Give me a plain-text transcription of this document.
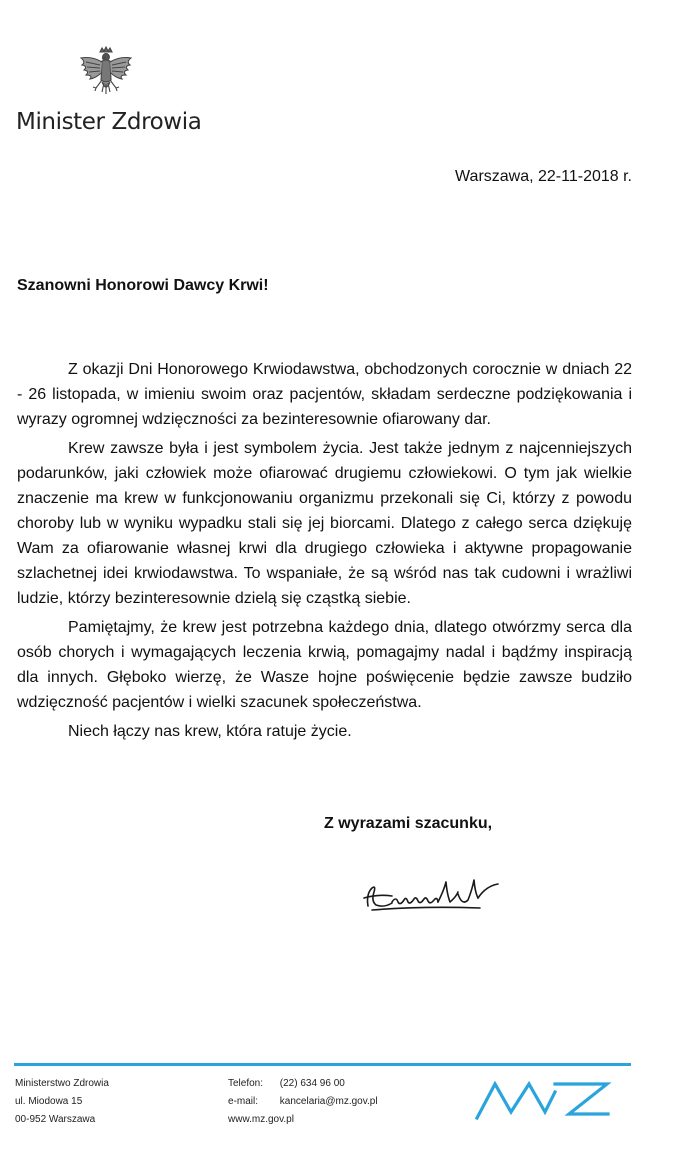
Minister Zdrowia
Warszawa, 22-11-2018 r.
Szanowni Honorowi Dawcy Krwi!

Z okazji Dni Honorowego Krwiodawstwa, obchodzonych corocznie w dniach 22 - 26 listopada, w imieniu swoim oraz pacjentów, składam serdeczne podziękowania i wyrazy ogromnej wdzięczności za bezinteresownie ofiarowany dar.

Krew zawsze była i jest symbolem życia. Jest także jednym z najcenniejszych podarunków, jaki człowiek może ofiarować drugiemu człowiekowi. O tym jak wielkie znaczenie ma krew w funkcjonowaniu organizmu przekonali się Ci, którzy z powodu choroby lub w wyniku wypadku stali się jej biorcami. Dlatego z całego serca dziękuję Wam za ofiarowanie własnej krwi dla drugiego człowieka i aktywne propagowanie szlachetnej idei krwiodawstwa. To wspaniałe, że są wśród nas tak cudowni i wrażliwi ludzie, którzy bezinteresownie dzielą się cząstką siebie.

Pamiętajmy, że krew jest potrzebna każdego dnia, dlatego otwórzmy serca dla osób chorych i wymagających leczenia krwią, pomagajmy nadal i bądźmy inspiracją dla innych. Głęboko wierzę, że Wasze hojne poświęcenie będzie zawsze budziło wdzięczność pacjentów i wielki szacunek społeczeństwa.

Niech łączy nas krew, która ratuje życie.

Z wyrazami szacunku,
Ministerstwo Zdrowia
ul. Miodowa 15
00-952 Warszawa
Telefon: (22) 634 96 00
e-mail: kancelaria@mz.gov.pl
www.mz.gov.pl
